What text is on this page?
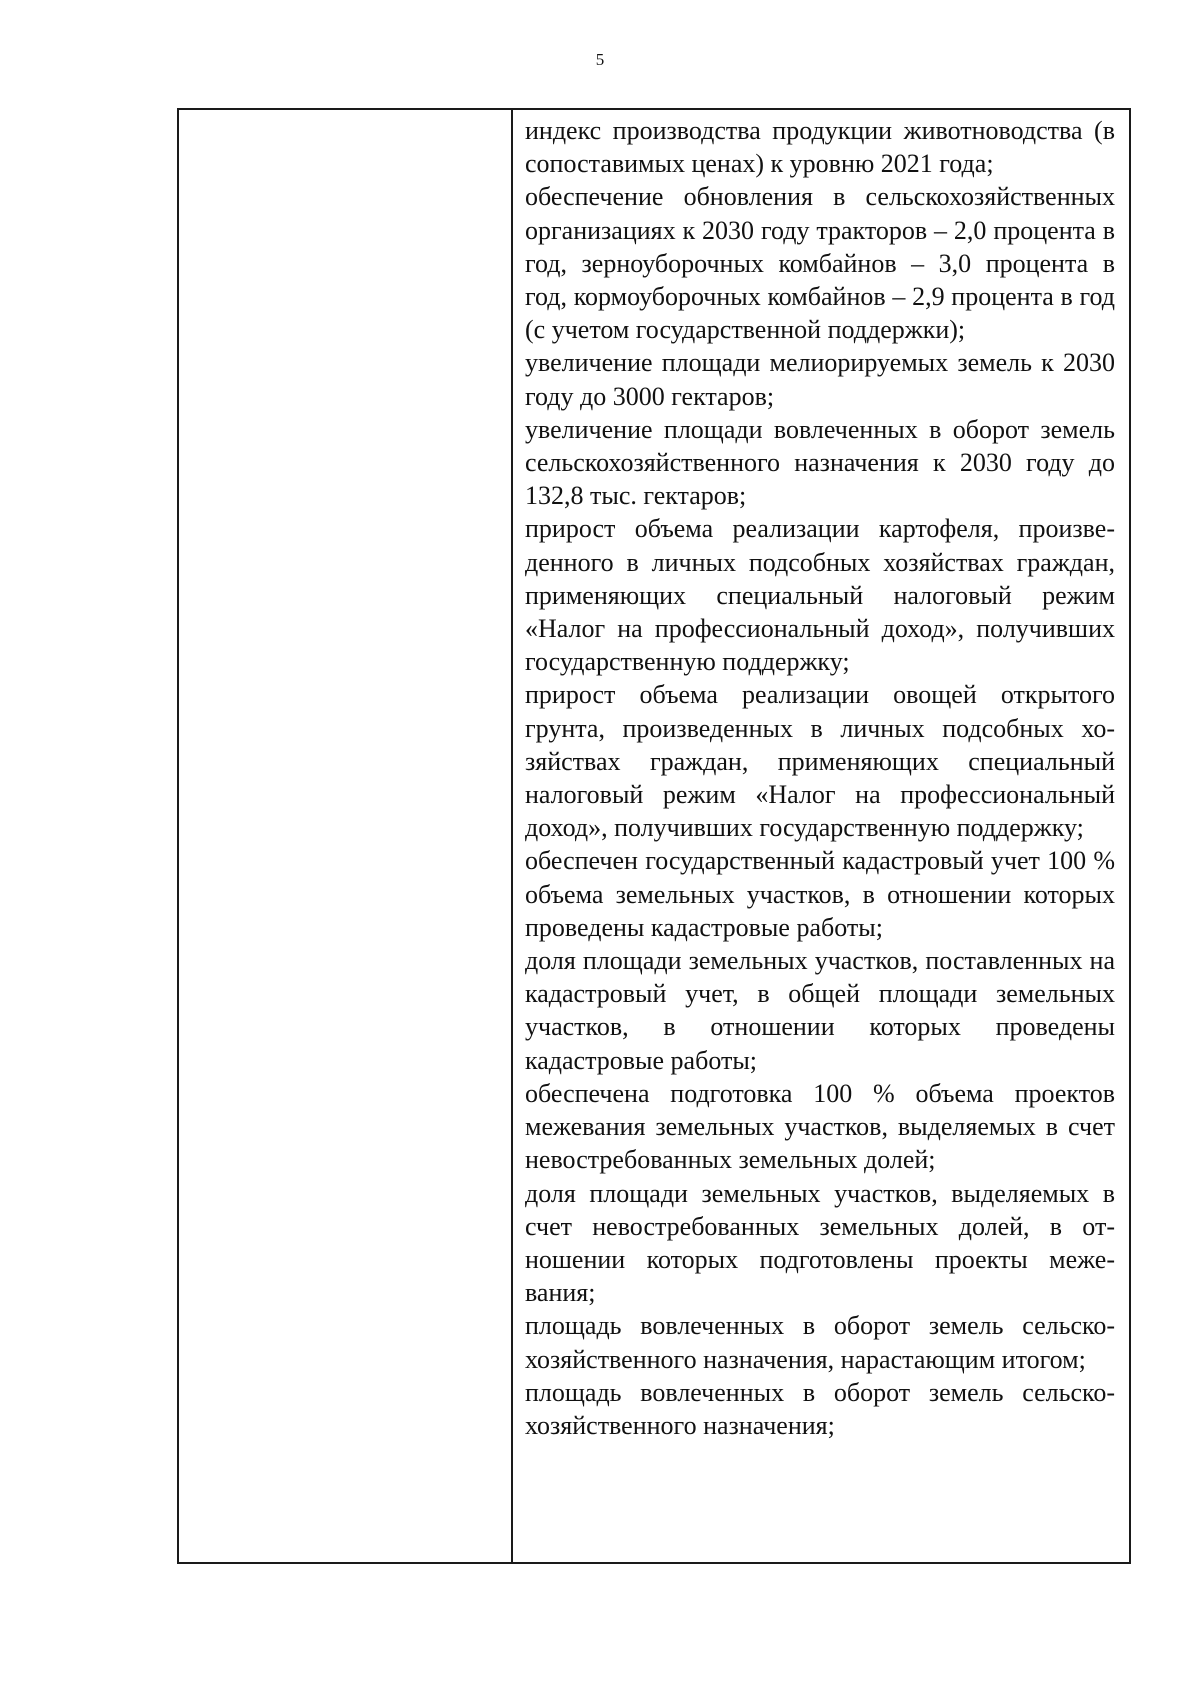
5

индекс производства продукции животноводства (в сопоставимых ценах) к уровню 2021 года;

обеспечение обновления в сельскохозяйственных организациях к 2030 году тракторов – 2,0 процента в год, зерноуборочных комбайнов – 3,0 процента в год, кормоуборочных комбайнов – 2,9 процента в год (с учетом государственной поддержки);

увеличение площади мелиорируемых земель к 2030 году до 3000 гектаров;

увеличение площади вовлеченных в оборот земель сельскохозяйственного назначения к 2030 году до 132,8 тыс. гектаров;

прирост объема реализации картофеля, произведенного в личных подсобных хозяйствах граждан, применяющих специальный налоговый режим «Налог на профессиональный доход», получивших государственную поддержку;

прирост объема реализации овощей открытого грунта, произведенных в личных подсобных хозяйствах граждан, применяющих специальный налоговый режим «Налог на профессиональный доход», получивших государственную поддержку;

обеспечен государственный кадастровый учет 100 % объема земельных участков, в отношении которых проведены кадастровые работы;

доля площади земельных участков, поставленных на кадастровый учет, в общей площади земельных участков, в отношении которых проведены кадастровые работы;

обеспечена подготовка 100 % объема проектов межевания земельных участков, выделяемых в счет невостребованных земельных долей;

доля площади земельных участков, выделяемых в счет невостребованных земельных долей, в отношении которых подготовлены проекты межевания;

площадь вовлеченных в оборот земель сельскохозяйственного назначения, нарастающим итогом;

площадь вовлеченных в оборот земель сельскохозяйственного назначения;
